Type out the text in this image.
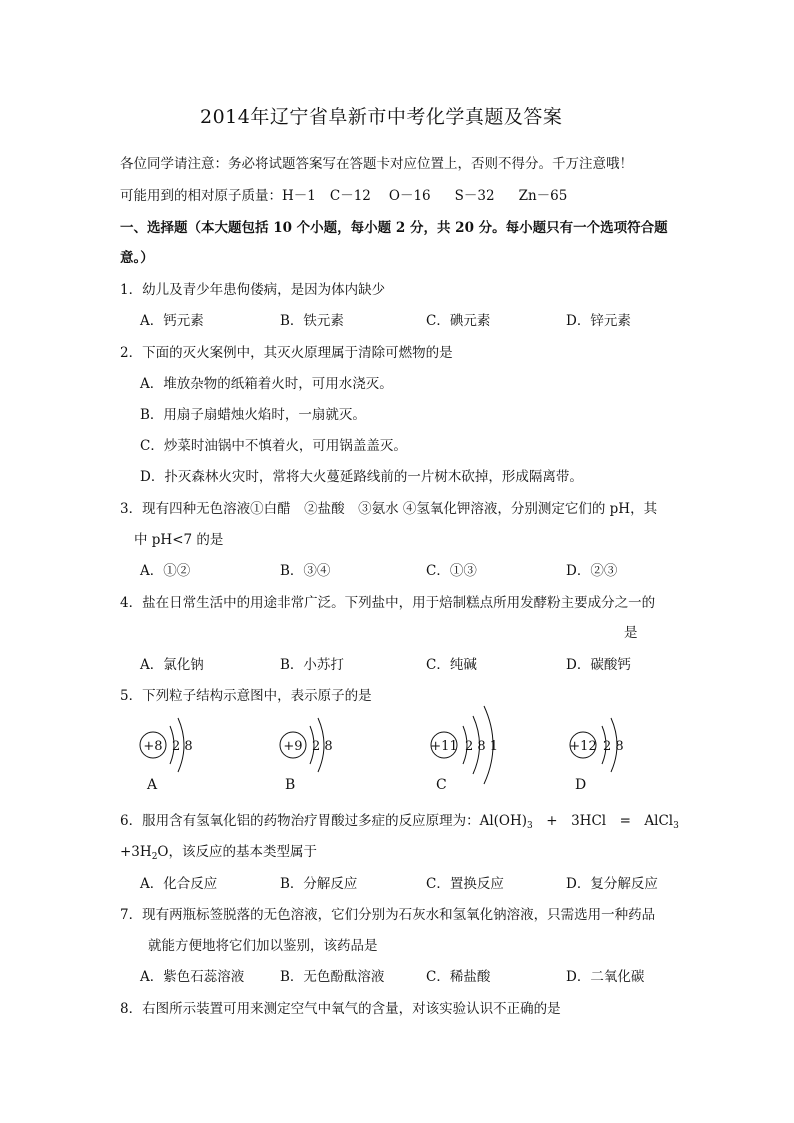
2014年辽宁省阜新市中考化学真题及答案
各位同学请注意：务必将试题答案写在答题卡对应位置上，否则不得分。千万注意哦！
可能用到的相对原子质量：H－1 C－12 O－16 S－32 Zn－65
一、选择题（本大题包括 10 个小题，每小题 2 分，共 20 分。每小题只有一个选项符合题
意。）
1．幼儿及青少年患佝偻病，是因为体内缺少
A．钙元素	B．铁元素	C．碘元素	D．锌元素
2．下面的灭火案例中，其灭火原理属于清除可燃物的是
A．堆放杂物的纸箱着火时，可用水浇灭。
B．用扇子扇蜡烛火焰时，一扇就灭。
C．炒菜时油锅中不慎着火，可用锅盖盖灭。
D．扑灭森林火灾时，常将大火蔓延路线前的一片树木砍掉，形成隔离带。
3．现有四种无色溶液①白醋　②盐酸　③氨水 ④氢氧化钾溶液，分别测定它们的 pH，其
中 pH<7 的是
A．①②	B．③④	C．①③	D．②③
4．盐在日常生活中的用途非常广泛。下列盐中，用于焙制糕点所用发酵粉主要成分之一的
是
A．氯化钠	B．小苏打	C．纯碱	D．碳酸钙
5．下列粒子结构示意图中，表示原子的是
+8 2 8	+9 2 8	+11 2 8 1	+12 2 8
A	B	C	D
6．服用含有氢氧化铝的药物治疗胃酸过多症的反应原理为：$Al(OH)_3$　+　3HCl　=　AlCl$_3$
$+3H_2O$，该反应的基本类型属于
A．化合反应	B．分解反应	C．置换反应	D．复分解反应
7．现有两瓶标签脱落的无色溶液，它们分别为石灰水和氢氧化钠溶液，只需选用一种药品
就能方便地将它们加以鉴别，该药品是
A．紫色石蕊溶液	B．无色酚酞溶液	C．稀盐酸	D．二氧化碳
8．右图所示装置可用来测定空气中氧气的含量，对该实验认识不正确的是
